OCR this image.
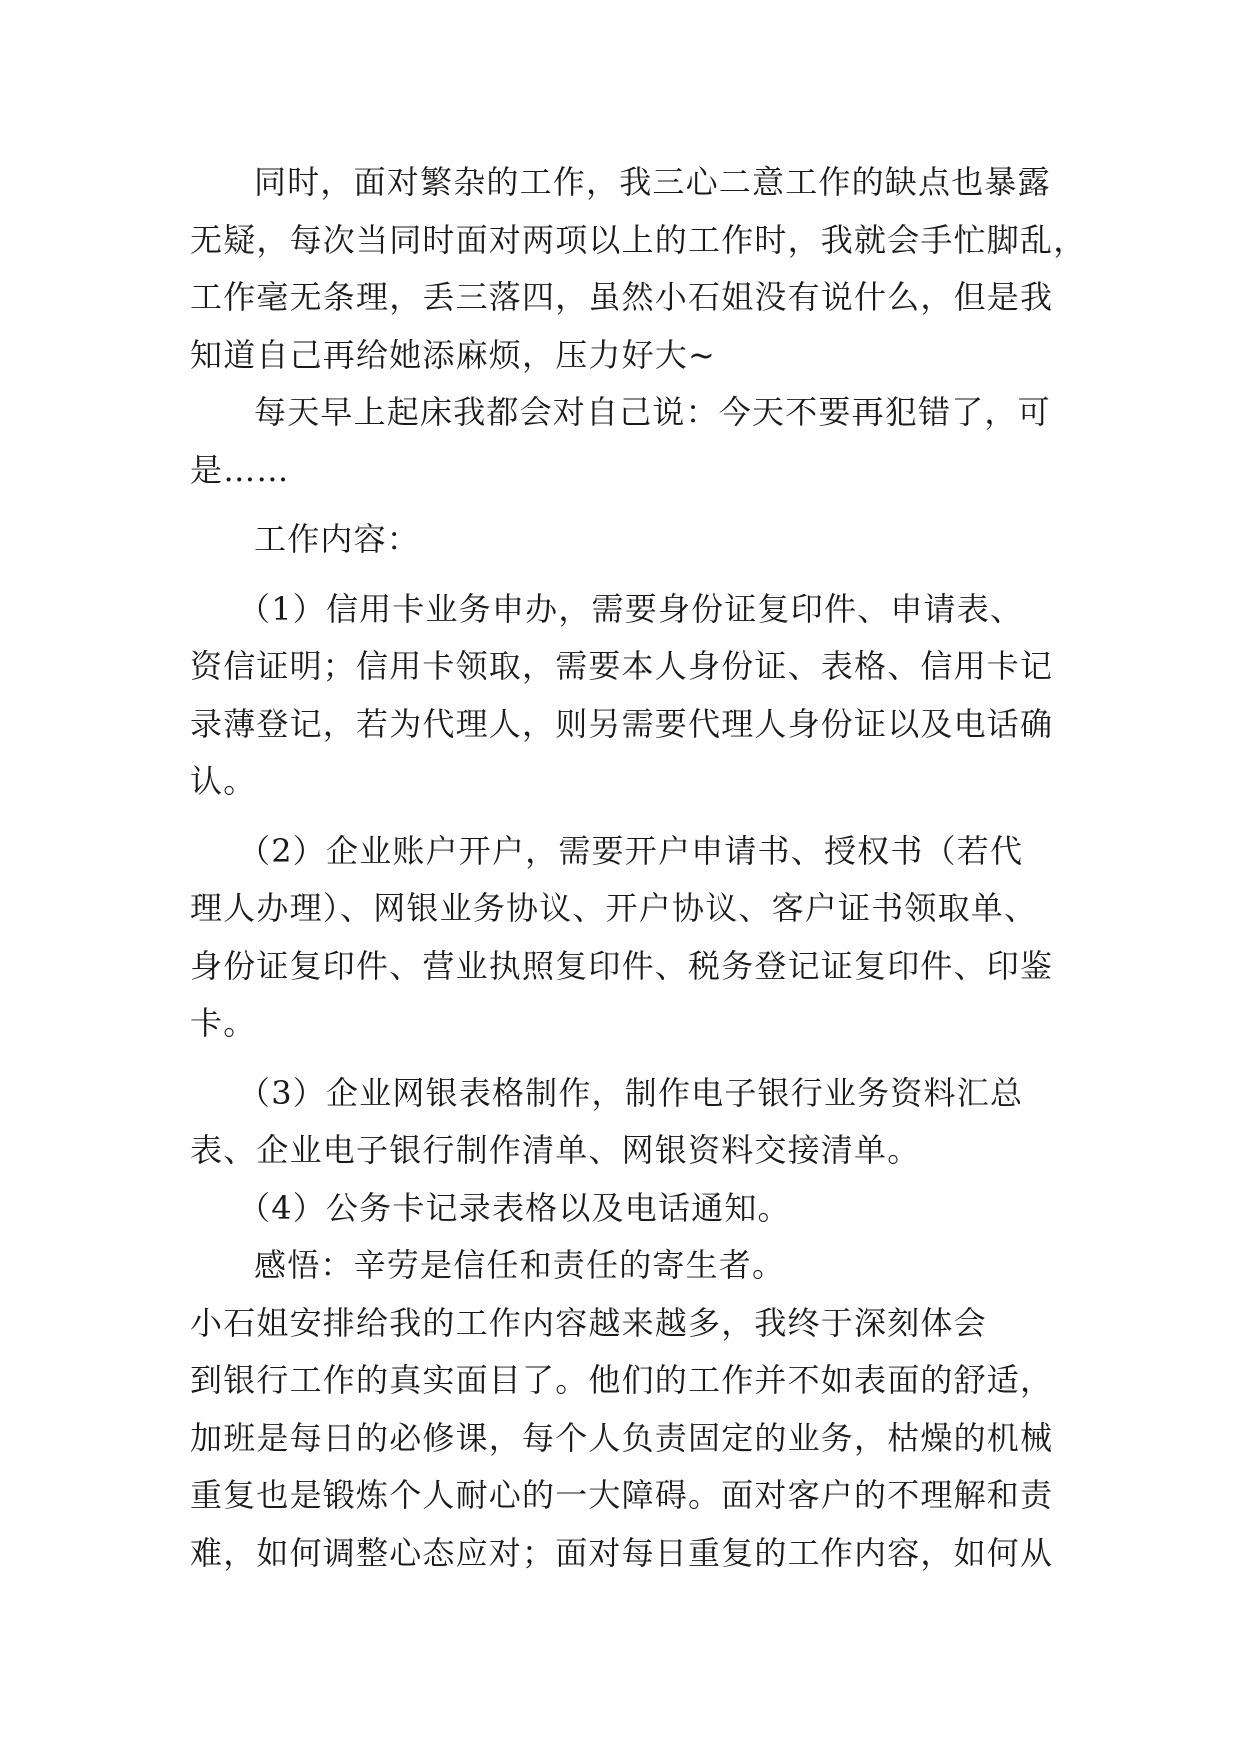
同时，面对繁杂的工作，我三心二意工作的缺点也暴露
无疑，每次当同时面对两项以上的工作时，我就会手忙脚乱，
工作毫无条理，丢三落四，虽然小石姐没有说什么，但是我
知道自己再给她添麻烦，压力好大~
每天早上起床我都会对自己说：今天不要再犯错了，可
是……
工作内容：
（1）信用卡业务申办，需要身份证复印件、申请表、
资信证明；信用卡领取，需要本人身份证、表格、信用卡记
录薄登记，若为代理人，则另需要代理人身份证以及电话确
认。
（2）企业账户开户，需要开户申请书、授权书（若代
理人办理）、网银业务协议、开户协议、客户证书领取单、
身份证复印件、营业执照复印件、税务登记证复印件、印鉴
卡。
（3）企业网银表格制作，制作电子银行业务资料汇总
表、企业电子银行制作清单、网银资料交接清单。
（4）公务卡记录表格以及电话通知。
感悟：辛劳是信任和责任的寄生者。
小石姐安排给我的工作内容越来越多，我终于深刻体会
到银行工作的真实面目了。他们的工作并不如表面的舒适，
加班是每日的必修课，每个人负责固定的业务，枯燥的机械
重复也是锻炼个人耐心的一大障碍。面对客户的不理解和责
难，如何调整心态应对；面对每日重复的工作内容，如何从
